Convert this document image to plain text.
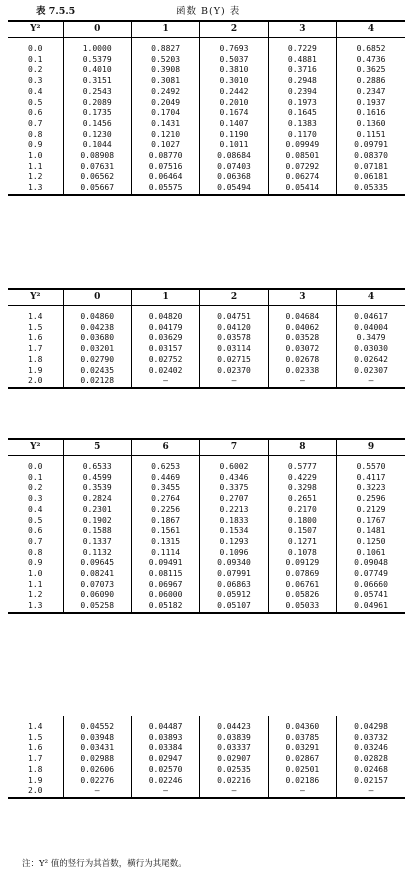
表 7.5.5	函数 B(Y) 表
Y²	0	1	2	3	4
0.0	1.0000	0.8827	0.7693	0.7229	0.6852
0.1	0.5379	0.5203	0.5037	0.4881	0.4736
0.2	0.4010	0.3908	0.3810	0.3716	0.3625
0.3	0.3151	0.3081	0.3010	0.2948	0.2886
0.4	0.2543	0.2492	0.2442	0.2394	0.2347
0.5	0.2089	0.2049	0.2010	0.1973	0.1937
0.6	0.1735	0.1704	0.1674	0.1645	0.1616
0.7	0.1456	0.1431	0.1407	0.1383	0.1360
0.8	0.1230	0.1210	0.1190	0.1170	0.1151
0.9	0.1044	0.1027	0.1011	0.09949	0.09791
1.0	0.08908	0.08770	0.08684	0.08501	0.08370
1.1	0.07631	0.07516	0.07403	0.07292	0.07181
1.2	0.06562	0.06464	0.06368	0.06274	0.06181
1.3	0.05667	0.05575	0.05494	0.05414	0.05335
Y²	0	1	2	3	4
1.4	0.04860	0.04820	0.04751	0.04684	0.04617
1.5	0.04238	0.04179	0.04120	0.04062	0.04004
1.6	0.03680	0.03629	0.03578	0.03528	0.3479
1.7	0.03201	0.03157	0.03114	0.03072	0.03030
1.8	0.02790	0.02752	0.02715	0.02678	0.02642
1.9	0.02435	0.02402	0.02370	0.02338	0.02307
2.0	0.02128	—	—	—	—
Y²	5	6	7	8	9
0.0	0.6533	0.6253	0.6002	0.5777	0.5570
0.1	0.4599	0.4469	0.4346	0.4229	0.4117
0.2	0.3539	0.3455	0.3375	0.3298	0.3223
0.3	0.2824	0.2764	0.2707	0.2651	0.2596
0.4	0.2301	0.2256	0.2213	0.2170	0.2129
0.5	0.1902	0.1867	0.1833	0.1800	0.1767
0.6	0.1588	0.1561	0.1534	0.1507	0.1481
0.7	0.1337	0.1315	0.1293	0.1271	0.1250
0.8	0.1132	0.1114	0.1096	0.1078	0.1061
0.9	0.09645	0.09491	0.09340	0.09129	0.09048
1.0	0.08241	0.08115	0.07991	0.07869	0.07749
1.1	0.07073	0.06967	0.06863	0.06761	0.06660
1.2	0.06090	0.06000	0.05912	0.05826	0.05741
1.3	0.05258	0.05182	0.05107	0.05033	0.04961
1.4	0.04552	0.04487	0.04423	0.04360	0.04298
1.5	0.03948	0.03893	0.03839	0.03785	0.03732
1.6	0.03431	0.03384	0.03337	0.03291	0.03246
1.7	0.02988	0.02947	0.02907	0.02867	0.02828
1.8	0.02606	0.02570	0.02535	0.02501	0.02468
1.9	0.02276	0.02246	0.02216	0.02186	0.02157
2.0	—	—	—	—	—
注：Y² 值的竖行为其首数，横行为其尾数。
